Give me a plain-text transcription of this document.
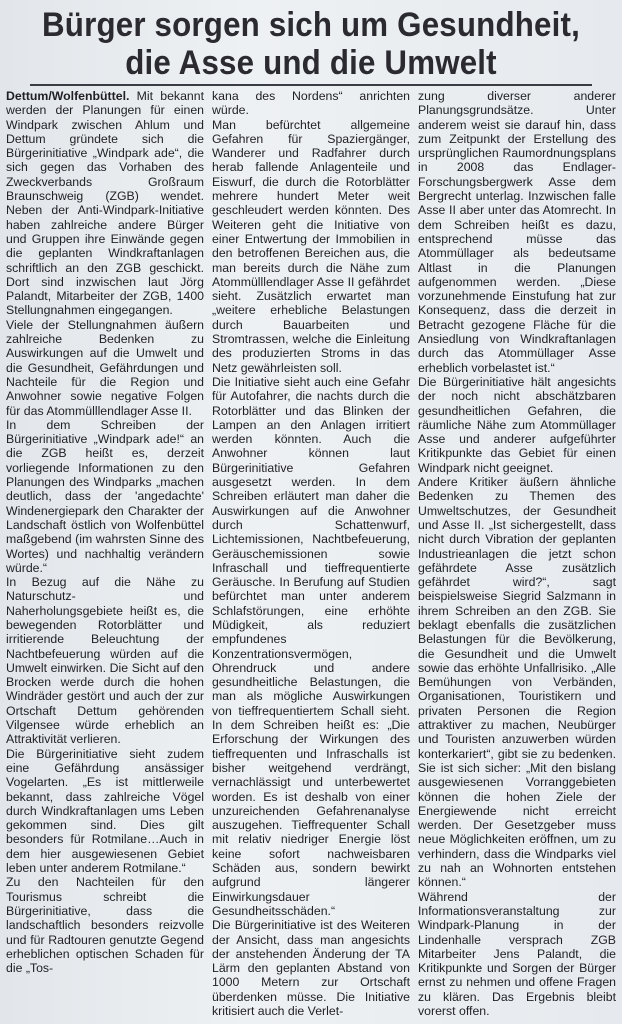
Bürger sorgen sich um Gesundheit,
die Asse und die Umwelt

Dettum/Wolfenbüttel. Mit bekannt werden der Planungen für einen Windpark zwischen Ahlum und Dettum gründete sich die Bürgerinitiative „Windpark ade“, die sich gegen das Vorhaben des Zweckverbands Großraum Braunschweig (ZGB) wendet. Neben der Anti-Windpark-Initiative haben zahlreiche andere Bürger und Gruppen ihre Einwände gegen die geplanten Windkraftanlagen schriftlich an den ZGB geschickt. Dort sind inzwischen laut Jörg Palandt, Mitarbeiter der ZGB, 1400 Stellungnahmen eingegangen.

Viele der Stellungnahmen äußern zahlreiche Bedenken zu Auswirkungen auf die Umwelt und die Gesundheit, Gefährdungen und Nachteile für die Region und Anwohner sowie negative Folgen für das Atommülllendlager Asse II.

In dem Schreiben der Bürgerinitiative „Windpark ade!“ an die ZGB heißt es, derzeit vorliegende Informationen zu den Planungen des Windparks „machen deutlich, dass der 'angedachte' Windenergiepark den Charakter der Landschaft östlich von Wolfenbüttel maßgebend (im wahrsten Sinne des Wortes) und nachhaltig verändern würde.“

In Bezug auf die Nähe zu Naturschutz- und Naherholungsgebiete heißt es, die bewegenden Rotorblätter und irritierende Beleuchtung der Nachtbefeuerung würden auf die Umwelt einwirken. Die Sicht auf den Brocken werde durch die hohen Windräder gestört und auch der zur Ortschaft Dettum gehörenden Vilgensee würde erheblich an Attraktivität verlieren.

Die Bürgerinitiative sieht zudem eine Gefährdung ansässiger Vogelarten. „Es ist mittlerweile bekannt, dass zahlreiche Vögel durch Windkraftanlagen ums Leben gekommen sind. Dies gilt besonders für Rotmilane…Auch in dem hier ausgewiesenen Gebiet leben unter anderem Rotmilane.“

Zu den Nachteilen für den Tourismus schreibt die Bürgerinitiative, dass die landschaftlich besonders reizvolle und für Radtouren genutzte Gegend erheblichen optischen Schaden für die „Tos-

kana des Nordens“ anrichten würde.

Man befürchtet allgemeine Gefahren für Spaziergänger, Wanderer und Radfahrer durch herab fallende Anlagenteile und Eiswurf, die durch die Rotorblätter mehrere hundert Meter weit geschleudert werden könnten. Des Weiteren geht die Initiative von einer Entwertung der Immobilien in den betroffenen Bereichen aus, die man bereits durch die Nähe zum Atommülllendlager Asse II gefährdet sieht. Zusätzlich erwartet man „weitere erhebliche Belastungen durch Bauarbeiten und Stromtrassen, welche die Einleitung des produzierten Stroms in das Netz gewährleisten soll.

Die Initiative sieht auch eine Gefahr für Autofahrer, die nachts durch die Rotorblätter und das Blinken der Lampen an den Anlagen irritiert werden könnten. Auch die Anwohner können laut Bürgerinitiative Gefahren ausgesetzt werden. In dem Schreiben erläutert man daher die Auswirkungen auf die Anwohner durch Schattenwurf, Lichtemissionen, Nachtbefeuerung, Geräuschemissionen sowie Infraschall und tieffrequentierte Geräusche. In Berufung auf Studien befürchtet man unter anderem Schlafstörungen, eine erhöhte Müdigkeit, als reduziert empfundenes Konzentrationsvermögen, Ohrendruck und andere gesundheitliche Belastungen, die man als mögliche Auswirkungen von tieffrequentiertem Schall sieht. In dem Schreiben heißt es: „Die Erforschung der Wirkungen des tieffrequenten und Infraschalls ist bisher weitgehend verdrängt, vernachlässigt und unterbewertet worden. Es ist deshalb von einer unzureichenden Gefahrenanalyse auszugehen. Tieffrequenter Schall mit relativ niedriger Energie löst keine sofort nachweisbaren Schäden aus, sondern bewirkt aufgrund längerer Einwirkungsdauer Gesundheitsschäden.“

Die Bürgerinitiative ist des Weiteren der Ansicht, dass man angesichts der anstehenden Änderung der TA Lärm den geplanten Abstand von 1000 Metern zur Ortschaft überdenken müsse. Die Initiative kritisiert auch die Verlet-

zung diverser anderer Planungsgrundsätze. Unter anderem weist sie darauf hin, dass zum Zeitpunkt der Erstellung des ursprünglichen Raumordnungsplans in 2008 das Endlager-Forschungsbergwerk Asse dem Bergrecht unterlag. Inzwischen falle Asse II aber unter das Atomrecht. In dem Schreiben heißt es dazu, entsprechend müsse das Atommüllager als bedeutsame Altlast in die Planungen aufgenommen werden. „Diese vorzunehmende Einstufung hat zur Konsequenz, dass die derzeit in Betracht gezogene Fläche für die Ansiedlung von Windkraftanlagen durch das Atommüllager Asse erheblich vorbelastet ist.“

Die Bürgerinitiative hält angesichts der noch nicht abschätzbaren gesundheitlichen Gefahren, die räumliche Nähe zum Atommüllager Asse und anderer aufgeführter Kritikpunkte das Gebiet für einen Windpark nicht geeignet.

Andere Kritiker äußern ähnliche Bedenken zu Themen des Umweltschutzes, der Gesundheit und Asse II. „Ist sichergestellt, dass nicht durch Vibration der geplanten Industrieanlagen die jetzt schon gefährdete Asse zusätzlich gefährdet wird?“, sagt beispielsweise Siegrid Salzmann in ihrem Schreiben an den ZGB. Sie beklagt ebenfalls die zusätzlichen Belastungen für die Bevölkerung, die Gesundheit und die Umwelt sowie das erhöhte Unfallrisiko. „Alle Bemühungen von Verbänden, Organisationen, Touristikern und privaten Personen die Region attraktiver zu machen, Neubürger und Touristen anzuwerben würden konterkariert“, gibt sie zu bedenken. Sie ist sich sicher: „Mit den bislang ausgewiesenen Vorranggebieten können die hohen Ziele der Energiewende nicht erreicht werden. Der Gesetzgeber muss neue Möglichkeiten eröffnen, um zu verhindern, dass die Windparks viel zu nah an Wohnorten entstehen können.“

Während der Informationsveranstaltung zur Windpark-Planung in der Lindenhalle versprach ZGB Mitarbeiter Jens Palandt, die Kritikpunkte und Sorgen der Bürger ernst zu nehmen und offene Fragen zu klären. Das Ergebnis bleibt vorerst offen.
